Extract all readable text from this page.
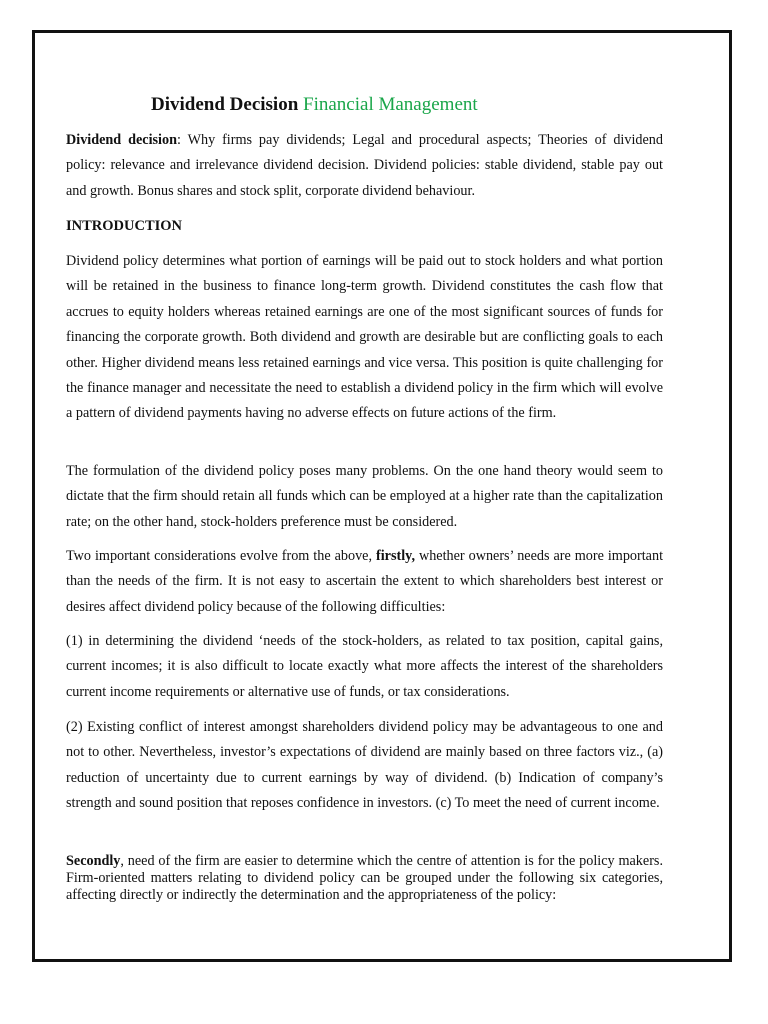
Dividend Decision Financial Management

Dividend decision: Why firms pay dividends; Legal and procedural aspects; Theories of dividend policy: relevance and irrelevance dividend decision. Dividend policies: stable dividend, stable pay out and growth. Bonus shares and stock split, corporate dividend behaviour.

INTRODUCTION

Dividend policy determines what portion of earnings will be paid out to stock holders and what portion will be retained in the business to finance long-term growth. Dividend constitutes the cash flow that accrues to equity holders whereas retained earnings are one of the most significant sources of funds for financing the corporate growth. Both dividend and growth are desirable but are conflicting goals to each other. Higher dividend means less retained earnings and vice versa. This position is quite challenging for the finance manager and necessitate the need to establish a dividend policy in the firm which will evolve a pattern of dividend payments having no adverse effects on future actions of the firm.

The formulation of the dividend policy poses many problems. On the one hand theory would seem to dictate that the firm should retain all funds which can be employed at a higher rate than the capitalization rate; on the other hand, stock-holders preference must be considered.

Two important considerations evolve from the above, firstly, whether owners’ needs are more important than the needs of the firm. It is not easy to ascertain the extent to which shareholders best interest or desires affect dividend policy because of the following difficulties:

(1) in determining the dividend ‘needs of the stock-holders, as related to tax position, capital gains, current incomes; it is also difficult to locate exactly what more affects the interest of the shareholders current income requirements or alternative use of funds, or tax considerations.

(2) Existing conflict of interest amongst shareholders dividend policy may be advantageous to one and not to other. Nevertheless, investor’s expectations of dividend are mainly based on three factors viz., (a) reduction of uncertainty due to current earnings by way of dividend. (b) Indication of company’s strength and sound position that reposes confidence in investors. (c) To meet the need of current income.

Secondly, need of the firm are easier to determine which the centre of attention is for the policy makers. Firm-oriented matters relating to dividend policy can be grouped under the following six categories, affecting directly or indirectly the determination and the appropriateness of the policy:
